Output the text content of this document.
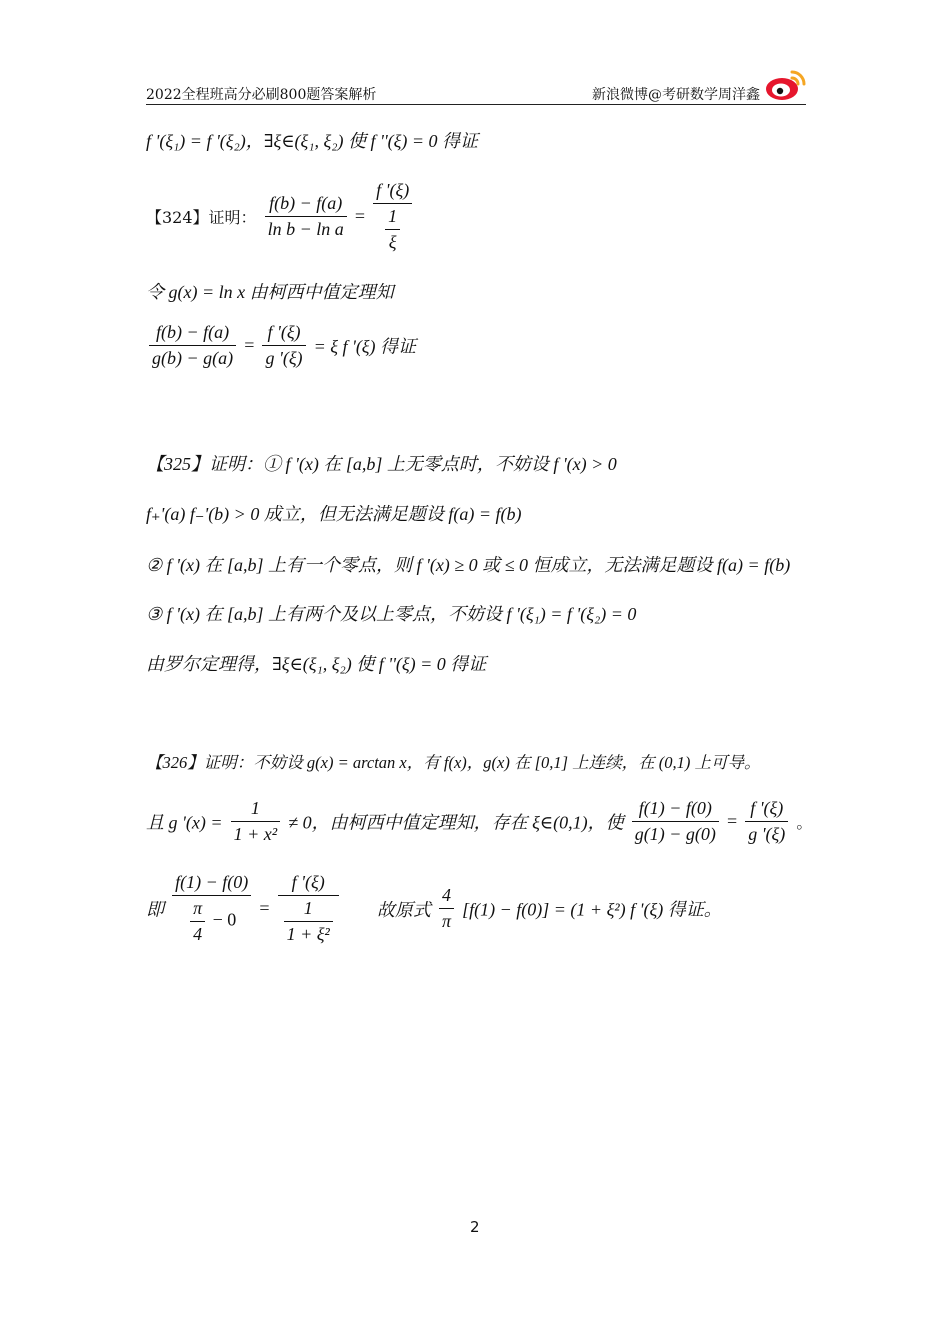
2022全程班高分必刷800题答案解析	新浪微博@考研数学周洋鑫
f '(ξ₁) = f '(ξ₂)，∃ξ∈(ξ₁, ξ₂) 使 f ''(ξ) = 0 得证
【324】证明： $\frac{f(b) - f(a)}{\text{ln b − ln a}} = \frac{f '(\xi)}{\frac{1}{\xi}}$
令 g(x) = ln x 由柯西中值定理知
$\frac{f(b) - f(a)}{g(b) - g(a)} = \frac{f '(\xi)}{g '(\xi)} = \xi$ f '(ξ) 得证
【325】证明：① f '(x) 在 [a,b] 上无零点时，不妨设 f '(x) > 0
f₊'(a) f₋'(b) > 0 成立，但无法满足题设 f(a) = f(b)
② f '(x) 在 [a,b] 上有一个零点，则 f '(x) ≥ 0 或 ≤ 0 恒成立，无法满足题设 f(a) = f(b)
③ f '(x) 在 [a,b] 上有两个及以上零点，不妨设 f '(ξ₁) = f '(ξ₂) = 0
由罗尔定理得，∃ξ∈(ξ₁, ξ₂) 使 f ''(ξ) = 0 得证
【326】证明：不妨设 g(x) = arctan x，有 f(x)，g(x) 在 [0,1] 上连续，在 (0,1) 上可导。
且 g '$(x) = \frac{1}{\text{1 + x²}} \ne 0$，由柯西中值定理知，存在 ξ∈(0,1)，使 $\frac{f(1) - f(0)}{g(1) - g(0)} = \frac{f '(\xi)}{g '(\xi)}$ 。
即 $\frac{f(1) - f(0)}{\frac{\pi}{4} - 0} = \frac{f '(\xi)}{\frac{1}{\text{1 + ξ²}}}$ 故原式 $\frac{4}{\pi} [f(1) - f(0)] = (1 + \xi^2)$ f '(ξ) 得证。
2
